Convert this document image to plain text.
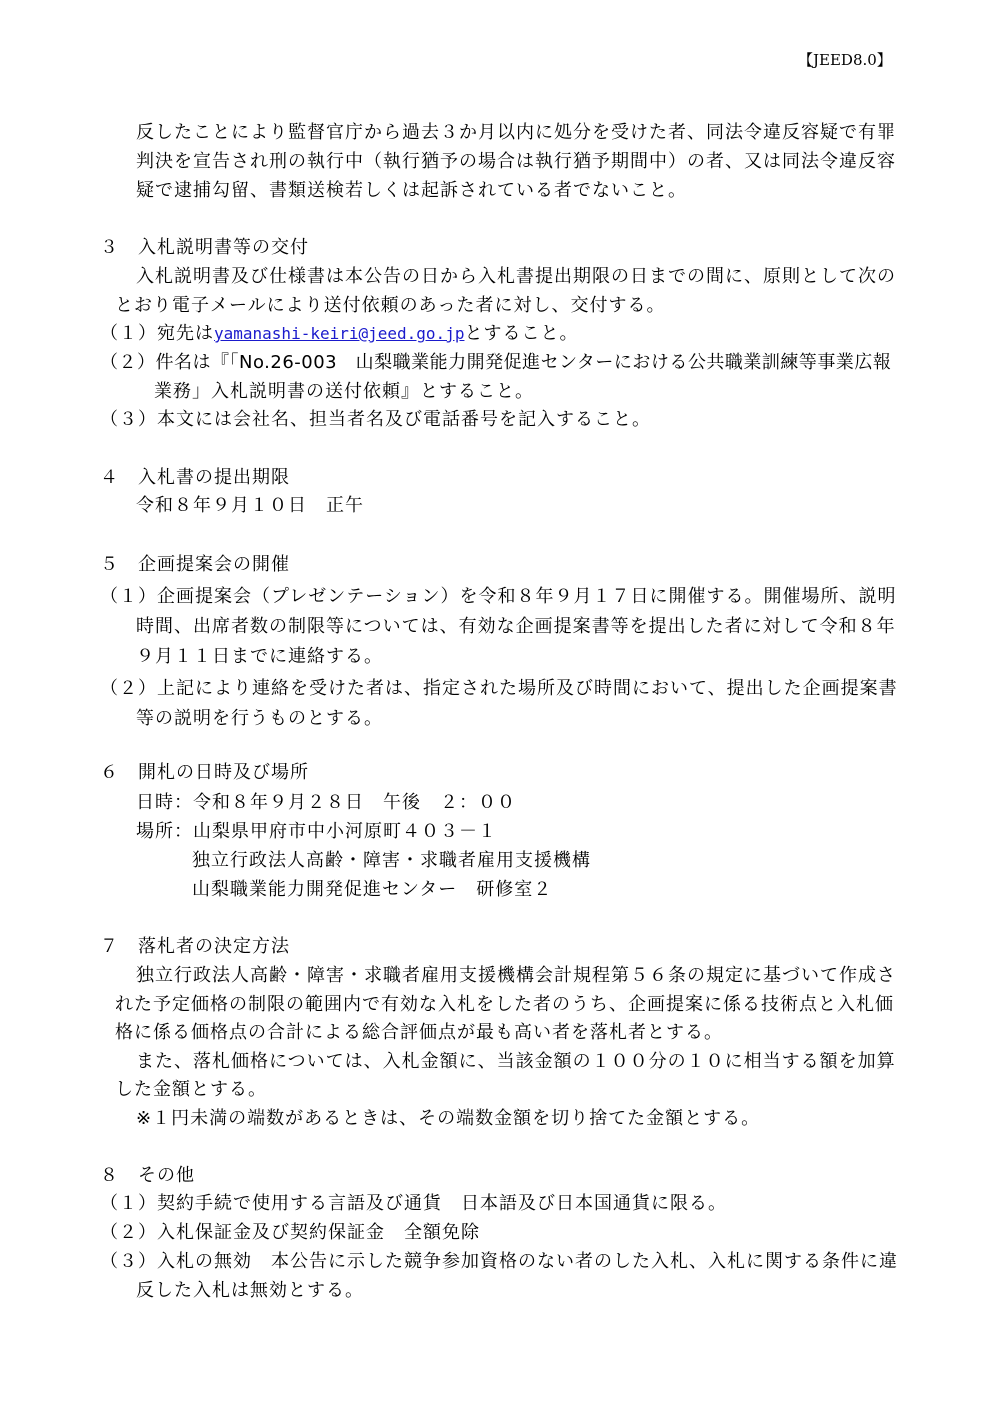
【JEED8.0】
反したことにより監督官庁から過去３か月以内に処分を受けた者、同法令違反容疑で有罪
判決を宣告され刑の執行中（執行猶予の場合は執行猶予期間中）の者、又は同法令違反容
疑で逮捕勾留、書類送検若しくは起訴されている者でないこと。
３　入札説明書等の交付
入札説明書及び仕様書は本公告の日から入札書提出期限の日までの間に、原則として次の
とおり電子メールにより送付依頼のあった者に対し、交付する。
（１）宛先はyamanashi-keiri@jeed.go.jpとすること。
（２）件名は『「No.26-003　山梨職業能力開発促進センターにおける公共職業訓練等事業広報
業務」入札説明書の送付依頼』とすること。
（３）本文には会社名、担当者名及び電話番号を記入すること。
４　入札書の提出期限
令和８年９月１０日　正午
５　企画提案会の開催
（１）企画提案会（プレゼンテーション）を令和８年９月１７日に開催する。開催場所、説明
時間、出席者数の制限等については、有効な企画提案書等を提出した者に対して令和８年
９月１１日までに連絡する。
（２）上記により連絡を受けた者は、指定された場所及び時間において、提出した企画提案書
等の説明を行うものとする。
６　開札の日時及び場所
日時：令和８年９月２８日　午後　２：００
場所：山梨県甲府市中小河原町４０３－１
独立行政法人高齢・障害・求職者雇用支援機構
山梨職業能力開発促進センター　研修室２
７　落札者の決定方法
独立行政法人高齢・障害・求職者雇用支援機構会計規程第５６条の規定に基づいて作成さ
れた予定価格の制限の範囲内で有効な入札をした者のうち、企画提案に係る技術点と入札価
格に係る価格点の合計による総合評価点が最も高い者を落札者とする。
また、落札価格については、入札金額に、当該金額の１００分の１０に相当する額を加算
した金額とする。
※１円未満の端数があるときは、その端数金額を切り捨てた金額とする。
８　その他
（１）契約手続で使用する言語及び通貨　日本語及び日本国通貨に限る。
（２）入札保証金及び契約保証金　全額免除
（３）入札の無効　本公告に示した競争参加資格のない者のした入札、入札に関する条件に違
反した入札は無効とする。
